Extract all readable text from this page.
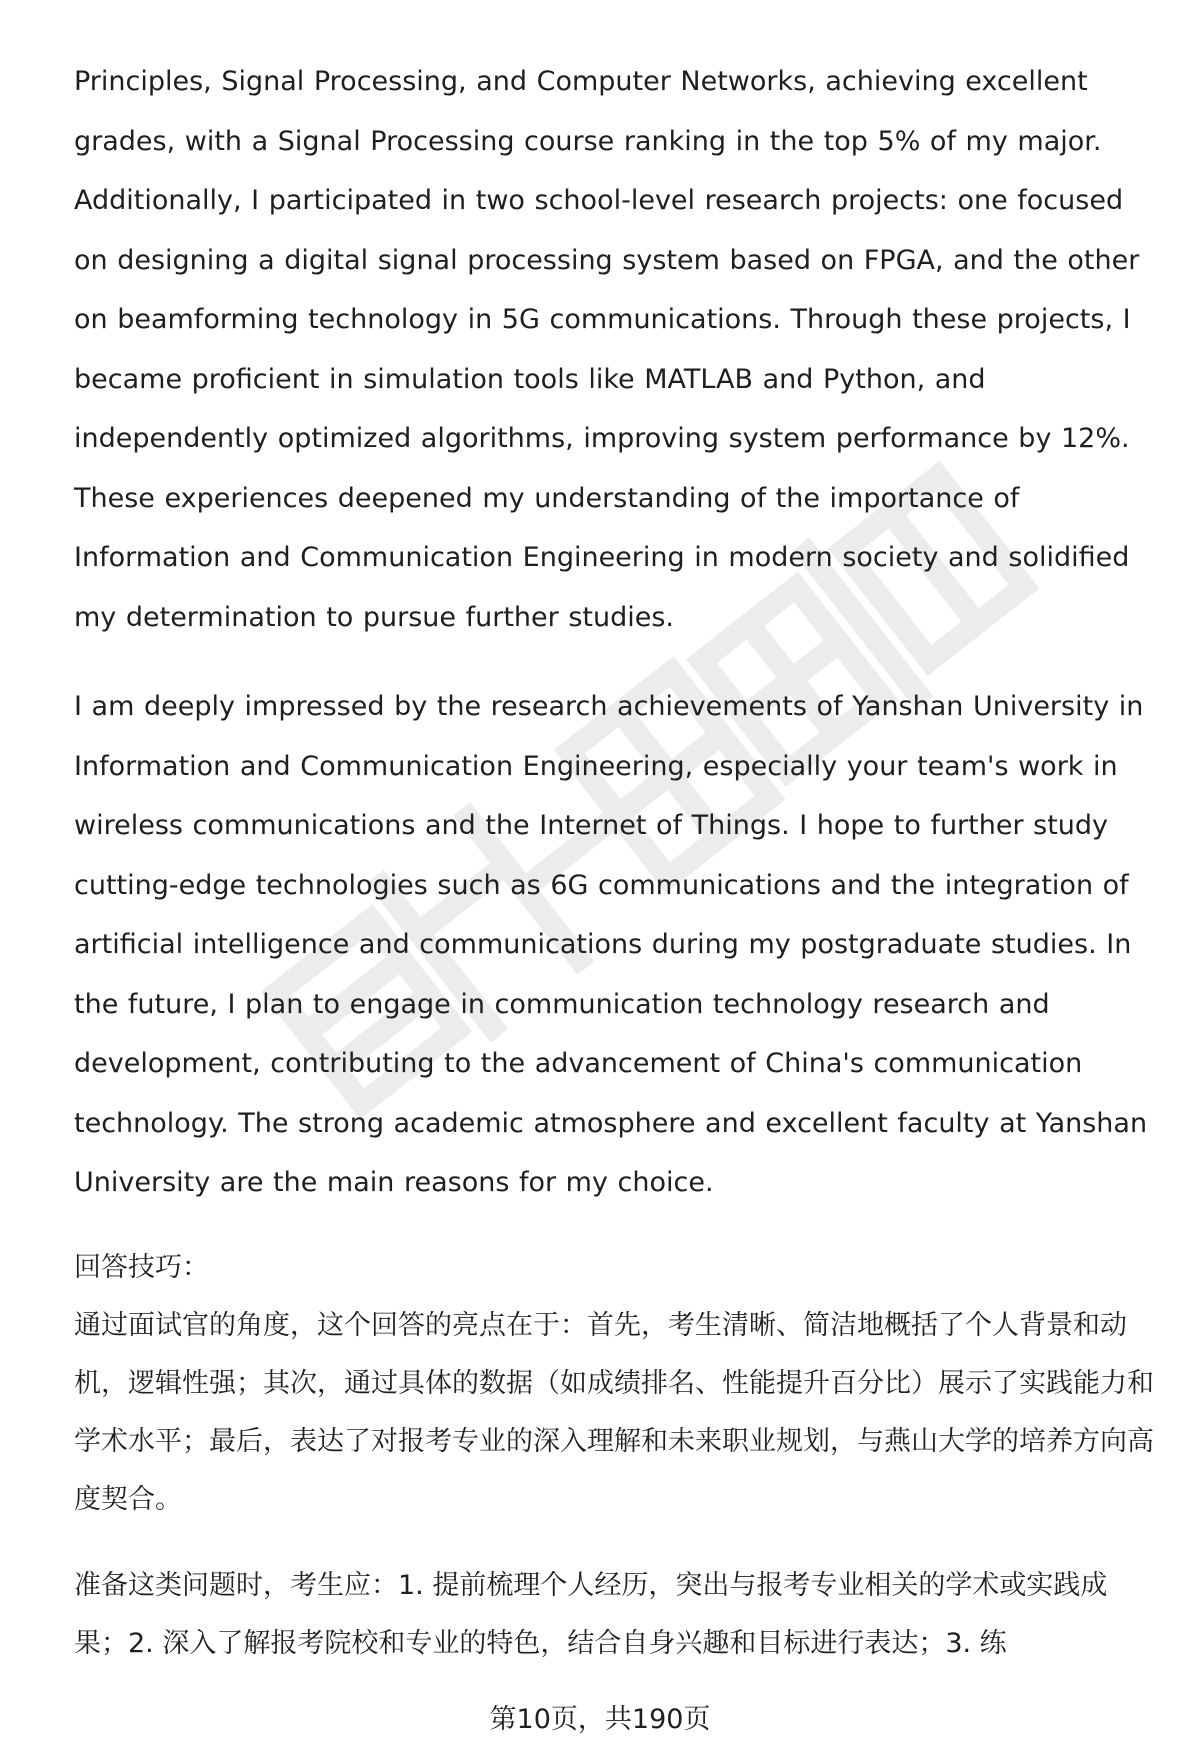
Principles, Signal Processing, and Computer Networks, achieving excellent grades, with a Signal Processing course ranking in the top 5% of my major. Additionally, I participated in two school-level research projects: one focused on designing a digital signal processing system based on FPGA, and the other on beamforming technology in 5G communications. Through these projects, I became proficient in simulation tools like MATLAB and Python, and independently optimized algorithms, improving system performance by 12%. These experiences deepened my understanding of the importance of Information and Communication Engineering in modern society and solidified my determination to pursue further studies.

I am deeply impressed by the research achievements of Yanshan University in Information and Communication Engineering, especially your team's work in wireless communications and the Internet of Things. I hope to further study cutting-edge technologies such as 6G communications and the integration of artificial intelligence and communications during my postgraduate studies. In the future, I plan to engage in communication technology research and development, contributing to the advancement of China's communication technology. The strong academic atmosphere and excellent faculty at Yanshan University are the main reasons for my choice.

回答技巧：

通过面试官的角度，这个回答的亮点在于：首先，考生清晰、简洁地概括了个人背景和动机，逻辑性强；其次，通过具体的数据（如成绩排名、性能提升百分比）展示了实践能力和学术水平；最后，表达了对报考专业的深入理解和未来职业规划，与燕山大学的培养方向高度契合。

准备这类问题时，考生应：1. 提前梳理个人经历，突出与报考专业相关的学术或实践成果；2. 深入了解报考院校和专业的特色，结合自身兴趣和目标进行表达；3. 练

第10页，共190页
